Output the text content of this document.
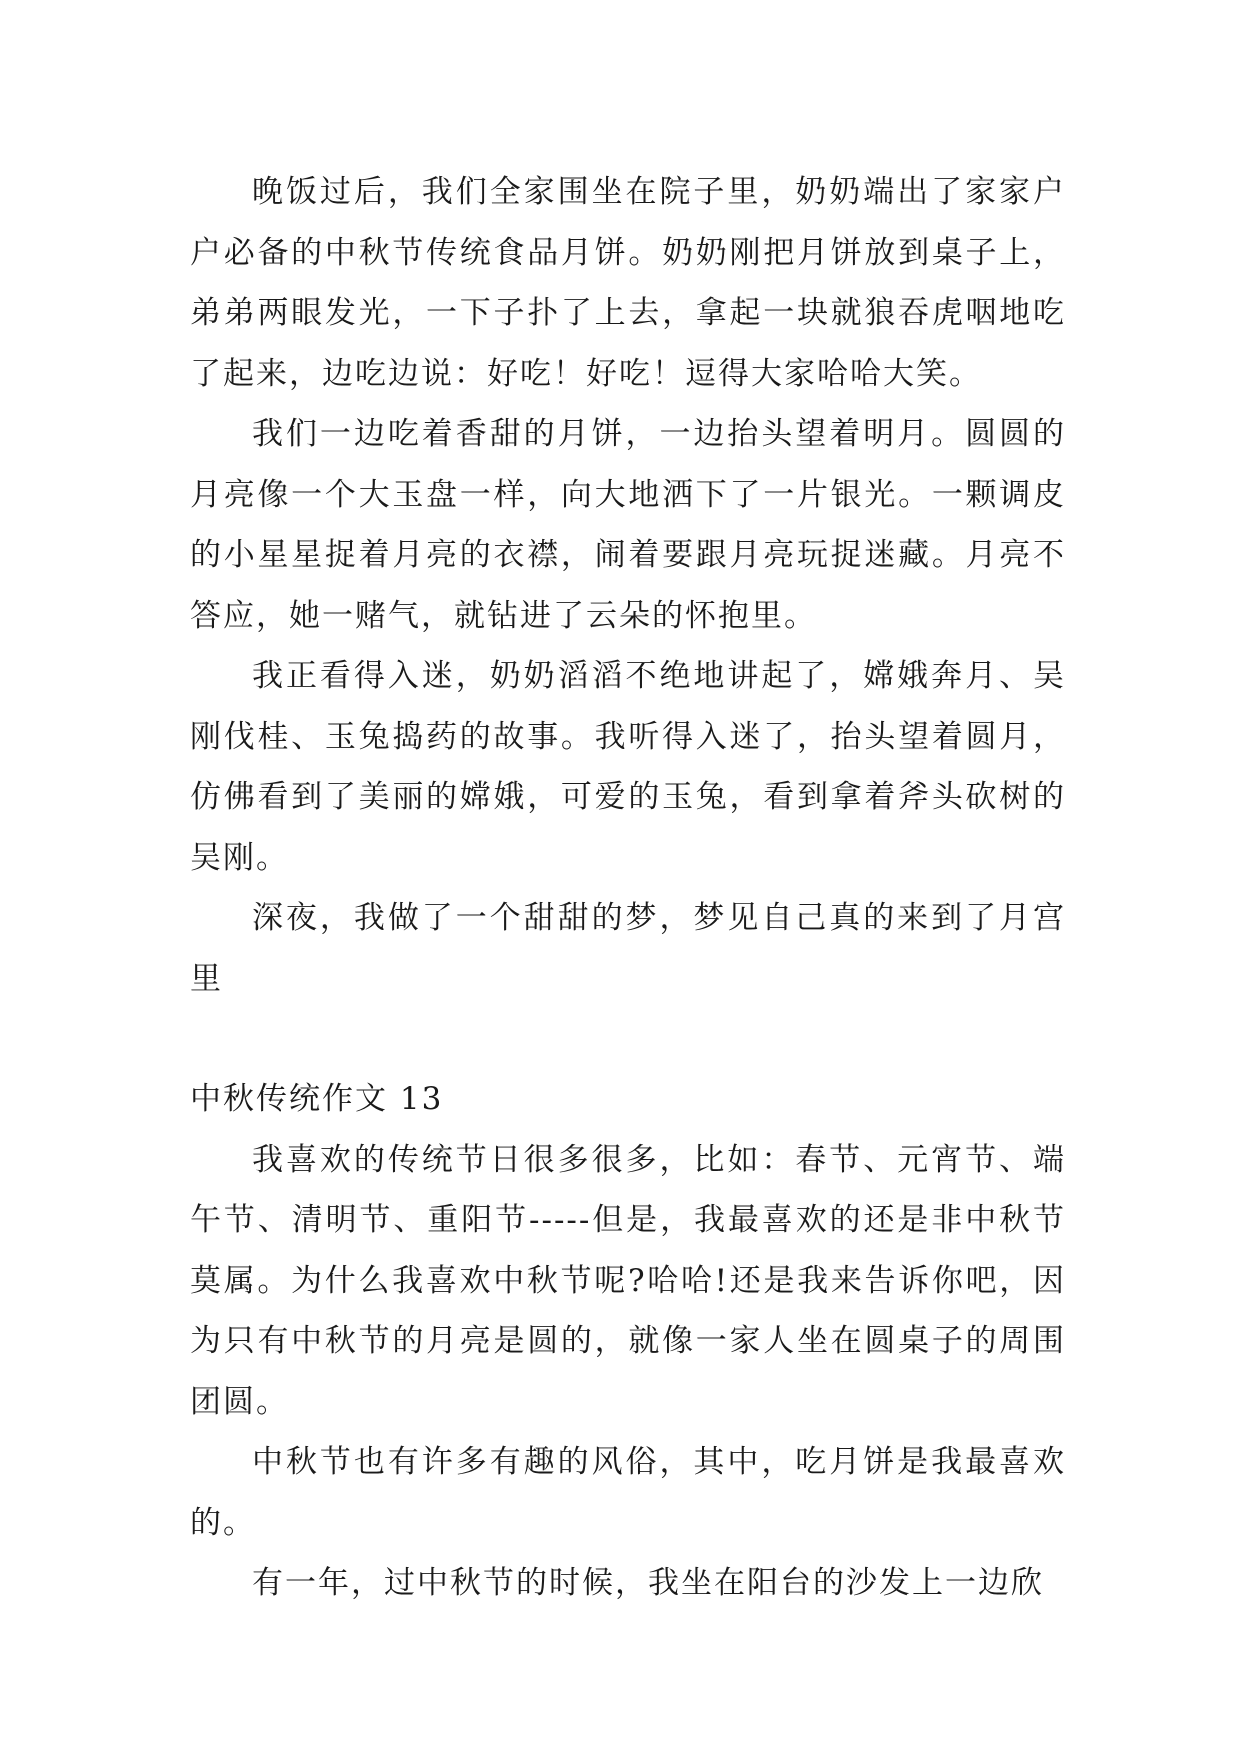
晚饭过后，我们全家围坐在院子里，奶奶端出了家家户户必备的中秋节传统食品月饼。奶奶刚把月饼放到桌子上，弟弟两眼发光，一下子扑了上去，拿起一块就狼吞虎咽地吃了起来，边吃边说：好吃！好吃！逗得大家哈哈大笑。

我们一边吃着香甜的月饼，一边抬头望着明月。圆圆的月亮像一个大玉盘一样，向大地洒下了一片银光。一颗调皮的小星星捉着月亮的衣襟，闹着要跟月亮玩捉迷藏。月亮不答应，她一赌气，就钻进了云朵的怀抱里。

我正看得入迷，奶奶滔滔不绝地讲起了，嫦娥奔月、吴刚伐桂、玉兔捣药的故事。我听得入迷了，抬头望着圆月，仿佛看到了美丽的嫦娥，可爱的玉兔，看到拿着斧头砍树的吴刚。

深夜，我做了一个甜甜的梦，梦见自己真的来到了月宫里

中秋传统作文 13

我喜欢的传统节日很多很多，比如：春节、元宵节、端午节、清明节、重阳节-----但是，我最喜欢的还是非中秋节莫属。为什么我喜欢中秋节呢?哈哈!还是我来告诉你吧，因为只有中秋节的月亮是圆的，就像一家人坐在圆桌子的周围团圆。

中秋节也有许多有趣的风俗，其中，吃月饼是我最喜欢的。

有一年，过中秋节的时候，我坐在阳台的沙发上一边欣
